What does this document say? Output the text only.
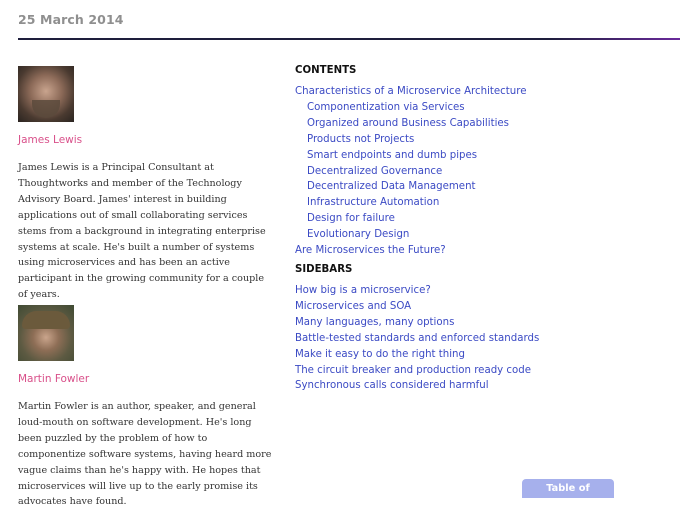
25 March 2014
James Lewis

James Lewis is a Principal Consultant at Thoughtworks and member of the Technology Advisory Board. James' interest in building applications out of small collaborating services stems from a background in integrating enterprise systems at scale. He's built a number of systems using microservices and has been an active participant in the growing community for a couple of years.

Martin Fowler

Martin Fowler is an author, speaker, and general loud-mouth on software development. He's long been puzzled by the problem of how to componentize software systems, having heard more vague claims than he's happy with. He hopes that microservices will live up to the early promise its advocates have found.

CONTENTS
Characteristics of a Microservice Architecture
Componentization via Services
Organized around Business Capabilities
Products not Projects
Smart endpoints and dumb pipes
Decentralized Governance
Decentralized Data Management
Infrastructure Automation
Design for failure
Evolutionary Design
Are Microservices the Future?
SIDEBARS
How big is a microservice?
Microservices and SOA
Many languages, many options
Battle-tested standards and enforced standards
Make it easy to do the right thing
The circuit breaker and production ready code
Synchronous calls considered harmful
Table of Contents
